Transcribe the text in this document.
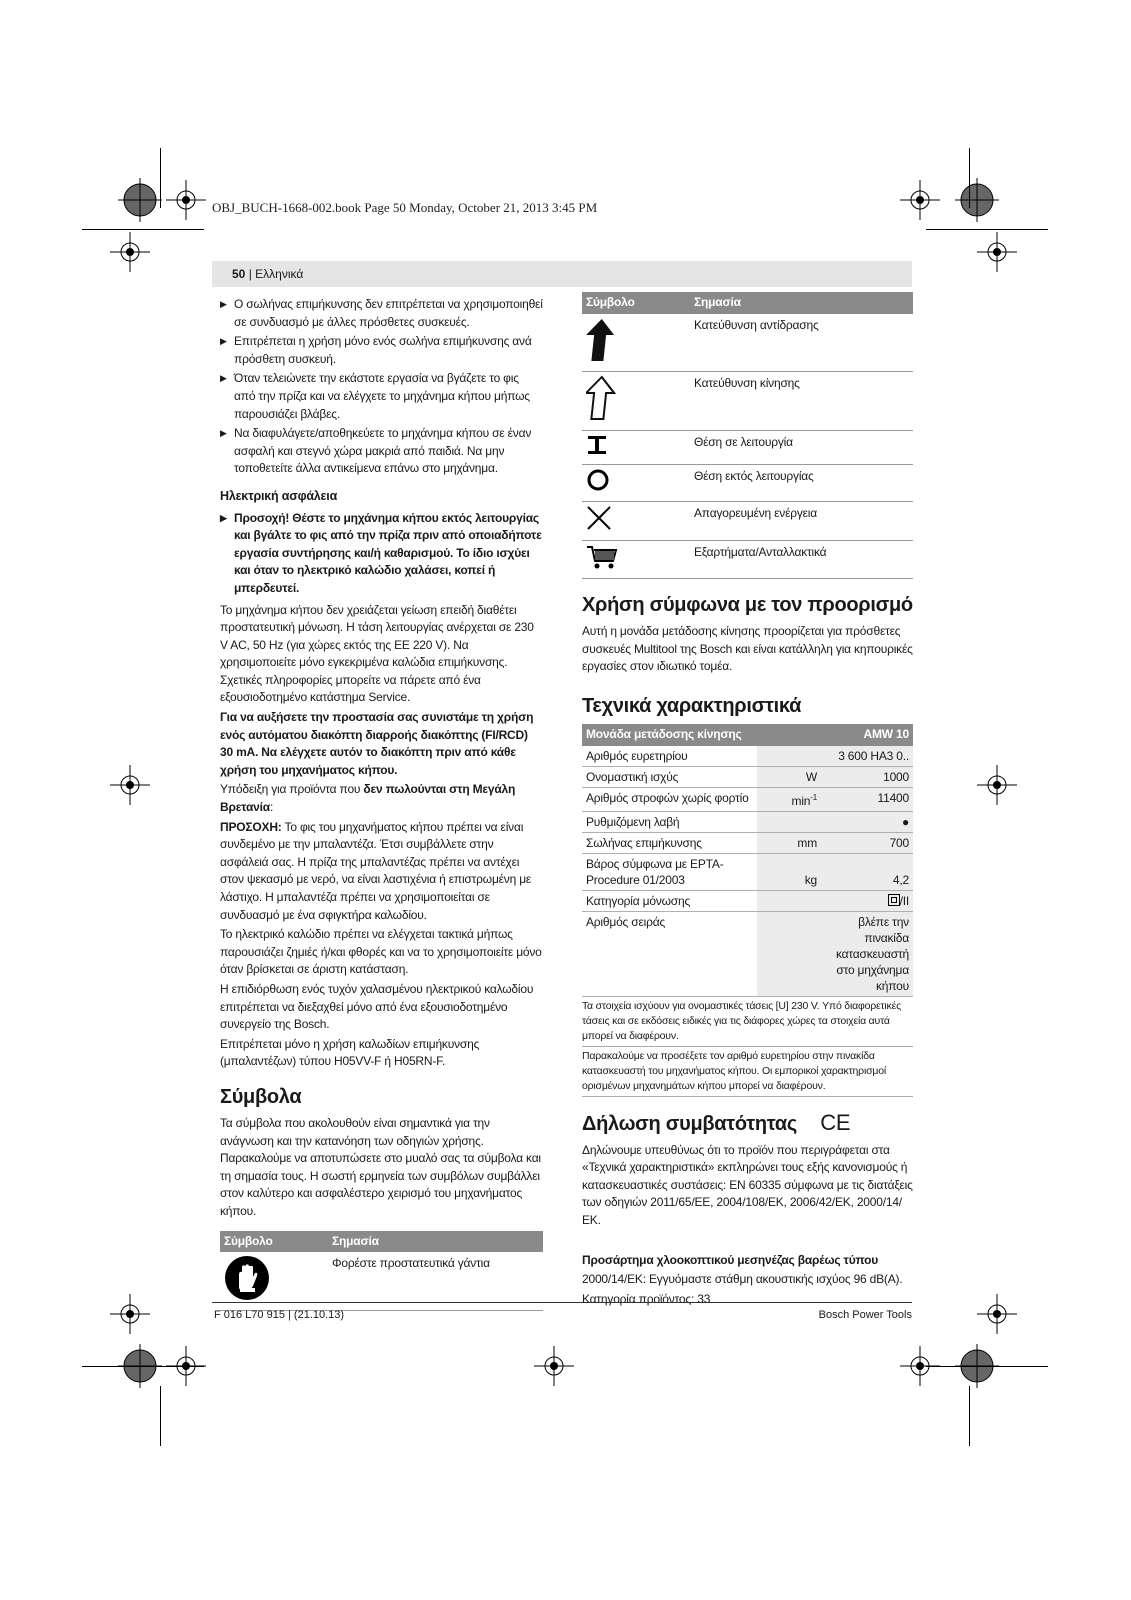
OBJ_BUCH-1668-002.book Page 50 Monday, October 21, 2013 3:45 PM
50 | Ελληνικά
▶ Ο σωλήνας επιμήκυνσης δεν επιτρέπεται να χρησιμοποιηθεί σε συνδυασμό με άλλες πρόσθετες συσκευές.
▶ Επιτρέπεται η χρήση μόνο ενός σωλήνα επιμήκυνσης ανά πρόσθετη συσκευή.
▶ Όταν τελειώνετε την εκάστοτε εργασία να βγάζετε το φις από την πρίζα και να ελέγχετε το μηχάνημα κήπου μήπως παρουσιάζει βλάβες.
▶ Να διαφυλάγετε/αποθηκεύετε το μηχάνημα κήπου σε έναν ασφαλή και στεγνό χώρα μακριά από παιδιά. Να μην τοποθετείτε άλλα αντικείμενα επάνω στο μηχάνημα.
Ηλεκτρική ασφάλεια
▶ Προσοχή! Θέστε το μηχάνημα κήπου εκτός λειτουργίας και βγάλτε το φις από την πρίζα πριν από οποιαδήποτε εργασία συντήρησης και/ή καθαρισμού. Το ίδιο ισχύει και όταν το ηλεκτρικό καλώδιο χαλάσει, κοπεί ή μπερδευτεί.

Το μηχάνημα κήπου δεν χρειάζεται γείωση επειδή διαθέτει προστατευτική μόνωση. Η τάση λειτουργίας ανέρχεται σε 230 V AC, 50 Hz (για χώρες εκτός της ΕΕ 220 V). Να χρησιμοποιείτε μόνο εγκεκριμένα καλώδια επιμήκυνσης. Σχετικές πληροφορίες μπορείτε να πάρετε από ένα εξουσιοδοτημένο κατάστημα Service.

Για να αυξήσετε την προστασία σας συνιστάμε τη χρήση ενός αυτόματου διακόπτη διαρροής διακόπτης (FI/RCD) 30 mA. Να ελέγχετε αυτόν το διακόπτη πριν από κάθε χρήση του μηχανήματος κήπου.

Υπόδειξη για προϊόντα που δεν πωλούνται στη Μεγάλη Βρετανία:

ΠΡΟΣΟΧΗ: Το φις του μηχανήματος κήπου πρέπει να είναι συνδεμένο με την μπαλαντέζα. Έτσι συμβάλλετε στην ασφάλειά σας. Η πρίζα της μπαλαντέζας πρέπει να αντέχει στον ψεκασμό με νερό, να είναι λαστιχένια ή επιστρωμένη με λάστιχο. Η μπαλαντέζα πρέπει να χρησιμοποιείται σε συνδυασμό με ένα σφιγκτήρα καλωδίου.

Το ηλεκτρικό καλώδιο πρέπει να ελέγχεται τακτικά μήπως παρουσιάζει ζημιές ή/και φθορές και να το χρησιμοποιείτε μόνο όταν βρίσκεται σε άριστη κατάσταση.

Η επιδιόρθωση ενός τυχόν χαλασμένου ηλεκτρικού καλωδίου επιτρέπεται να διεξαχθεί μόνο από ένα εξουσιοδοτημένο συνεργείο της Bosch.

Επιτρέπεται μόνο η χρήση καλωδίων επιμήκυνσης (μπαλαντέζων) τύπου H05VV-F ή H05RN-F.

Σύμβολα

Τα σύμβολα που ακολουθούν είναι σημαντικά για την ανάγνωση και την κατανόηση των οδηγιών χρήσης. Παρακαλούμε να αποτυπώσετε στο μυαλό σας τα σύμβολα και τη σημασία τους. Η σωστή ερμηνεία των συμβόλων συμβάλλει στον καλύτερο και ασφαλέστερο χειρισμό του μηχανήματος κήπου.

Σύμβολο	Σημασία
	Φορέστε προστατευτικά γάντια
Σύμβολο	Σημασία
	Κατεύθυνση αντίδρασης
	Κατεύθυνση κίνησης
	Θέση σε λειτουργία
	Θέση εκτός λειτουργίας
	Απαγορευμένη ενέργεια
	Εξαρτήματα/Ανταλλακτικά
Χρήση σύμφωνα με τον προορισμό

Αυτή η μονάδα μετάδοσης κίνησης προορίζεται για πρόσθετες συσκευές Multitool της Bosch και είναι κατάλληλη για κηπουρικές εργασίες στον ιδιωτικό τομέα.

Τεχνικά χαρακτηριστικά
Μονάδα μετάδοσης κίνησης		AMW 10
Αριθμός ευρετηρίου		3 600 HA3 0..
Ονομαστική ισχύς	W	1000
Αριθμός στροφών χωρίς φορτίο	$\min^{-1}$	11400
Ρυθμιζόμενη λαβή		●
Σωλήνας επιμήκυνσης	mm	700
Βάρος σύμφωνα με EPTA-Procedure 01/2003	kg	4,2
Κατηγορία μόνωσης		/II
Αριθμός σειράς	βλέπε την πινακίδα κατασκευαστή στο μηχάνημα κήπου	

Τα στοιχεία ισχύουν για ονομαστικές τάσεις [U] 230 V. Υπό διαφορετικές τάσεις και σε εκδόσεις ειδικές για τις διάφορες χώρες τα στοιχεία αυτά μπορεί να διαφέρουν.

Παρακαλούμε να προσέξετε τον αριθμό ευρετηρίου στην πινακίδα κατασκευαστή του μηχανήματος κήπου. Οι εμπορικοί χαρακτηρισμοί ορισμένων μηχανημάτων κήπου μπορεί να διαφέρουν.

Δήλωση συμβατότητας CE

Δηλώνουμε υπευθύνως ότι το προϊόν που περιγράφεται στα «Τεχνικά χαρακτηριστικά» εκπληρώνει τους εξής κανονισμούς ή κατασκευαστικές συστάσεις: EN 60335 σύμφωνα με τις διατάξεις των οδηγιών 2011/65/ΕΕ, 2004/108/ΕΚ, 2006/42/ΕΚ, 2000/14/ΕΚ.

Προσάρτημα χλοοκοπτικού μεσηνέζας βαρέως τύπου

2000/14/ΕΚ: Εγγυόμαστε στάθμη ακουστικής ισχύος 96 dB(A).

Κατηγορία προϊόντος: 33

F 016 L70 915 | (21.10.13)	Bosch Power Tools
